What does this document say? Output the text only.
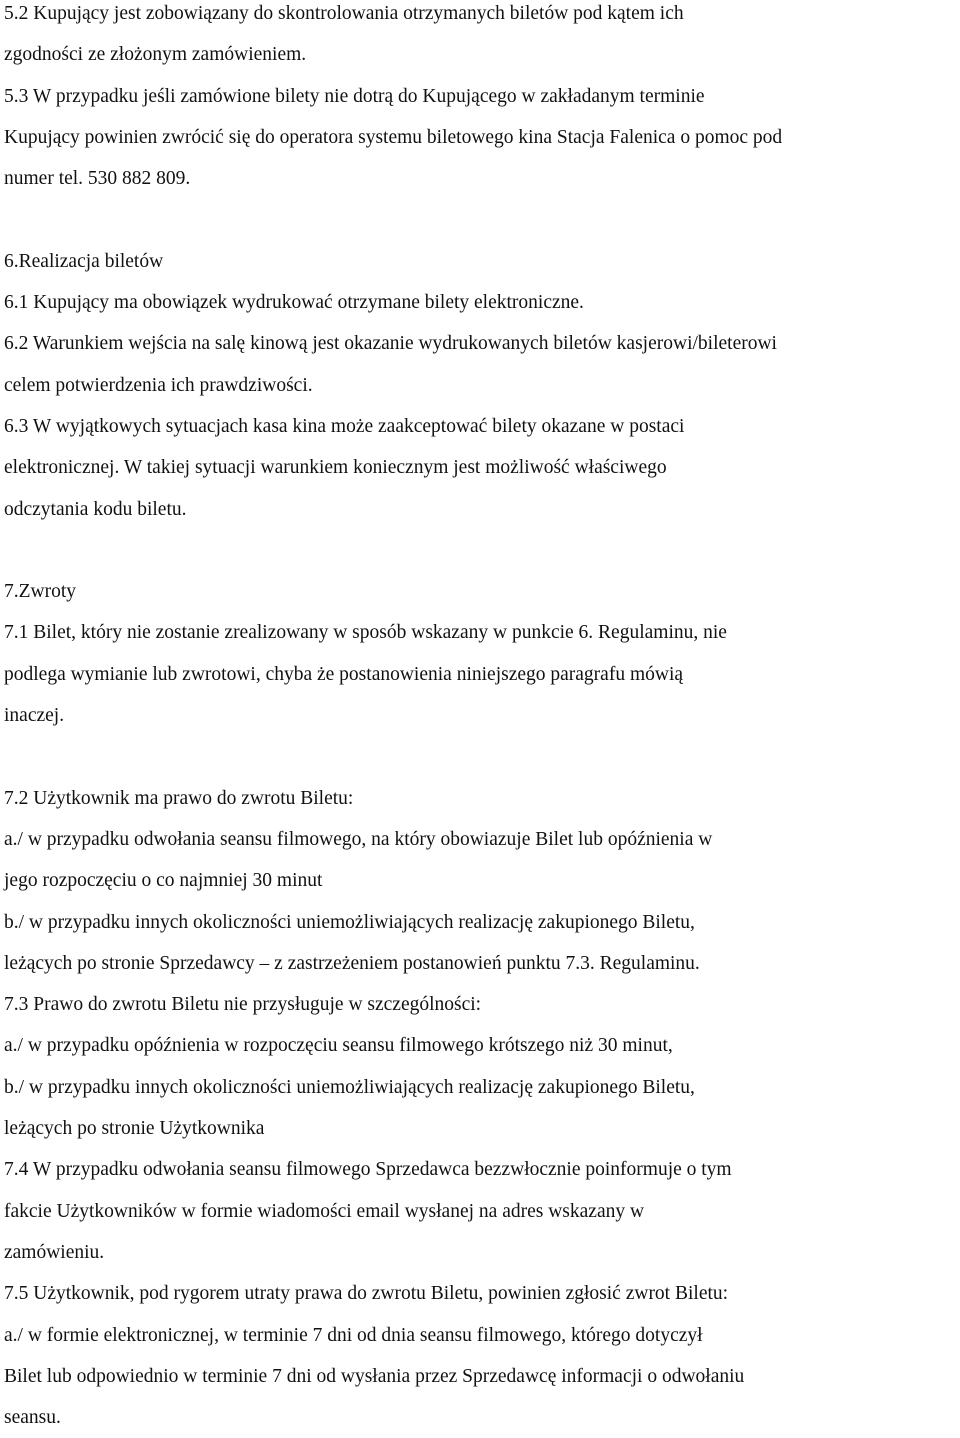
5.2 Kupujący jest zobowiązany do skontrolowania otrzymanych biletów pod kątem ich
zgodności ze złożonym zamówieniem.
5.3 W przypadku jeśli zamówione bilety nie dotrą do Kupującego w zakładanym terminie
Kupujący powinien zwrócić się do operatora systemu biletowego kina Stacja Falenica o pomoc pod
numer tel. 530 882 809.
6.Realizacja biletów
6.1 Kupujący ma obowiązek wydrukować otrzymane bilety elektroniczne.
6.2 Warunkiem wejścia na salę kinową jest okazanie wydrukowanych biletów kasjerowi/bileterowi
celem potwierdzenia ich prawdziwości.
6.3 W wyjątkowych sytuacjach kasa kina może zaakceptować bilety okazane w postaci
elektronicznej. W takiej sytuacji warunkiem koniecznym jest możliwość właściwego
odczytania kodu biletu.
7.Zwroty
7.1 Bilet, który nie zostanie zrealizowany w sposób wskazany w punkcie 6. Regulaminu, nie
podlega wymianie lub zwrotowi, chyba że postanowienia niniejszego paragrafu mówią
inaczej.
7.2 Użytkownik ma prawo do zwrotu Biletu:
a./ w przypadku odwołania seansu filmowego, na który obowiazuje Bilet lub opóźnienia w
jego rozpoczęciu o co najmniej 30 minut
b./ w przypadku innych okoliczności uniemożliwiających realizację zakupionego Biletu,
leżących po stronie Sprzedawcy – z zastrzeżeniem postanowień punktu 7.3. Regulaminu.
7.3 Prawo do zwrotu Biletu nie przysługuje w szczególności:
a./ w przypadku opóźnienia w rozpoczęciu seansu filmowego krótszego niż 30 minut,
b./ w przypadku innych okoliczności uniemożliwiających realizację zakupionego Biletu,
leżących po stronie Użytkownika
7.4 W przypadku odwołania seansu filmowego Sprzedawca bezzwłocznie poinformuje o tym
fakcie Użytkowników w formie wiadomości email wysłanej na adres wskazany w
zamówieniu.
7.5 Użytkownik, pod rygorem utraty prawa do zwrotu Biletu, powinien zgłosić zwrot Biletu:
a./ w formie elektronicznej, w terminie 7 dni od dnia seansu filmowego, którego dotyczył
Bilet lub odpowiednio w terminie 7 dni od wysłania przez Sprzedawcę informacji o odwołaniu
seansu.
